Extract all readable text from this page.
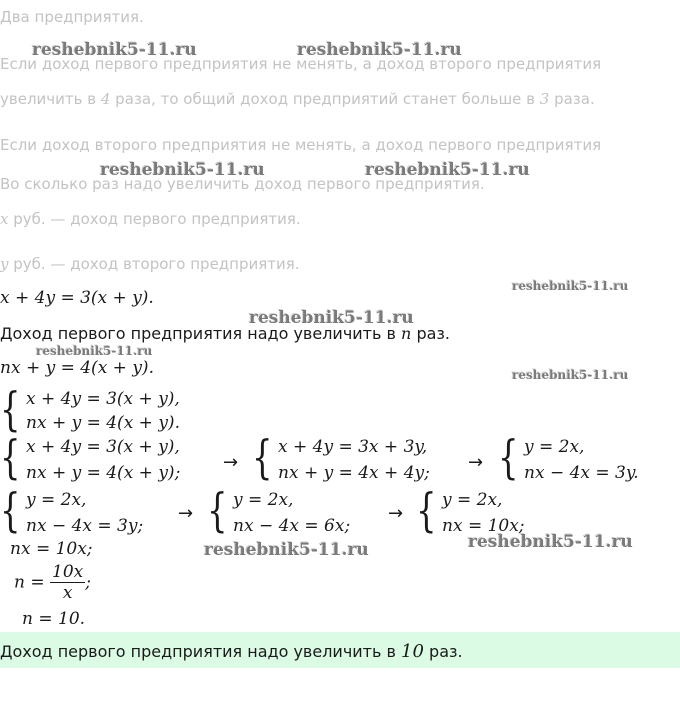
Два предприятия.
Если доход первого предприятия не менять, а доход второго предприятия
увеличить в 4 раза, то общий доход предприятий станет больше в 3 раза.
Если доход второго предприятия не менять, а доход первого предприятия
Во сколько раз надо увеличить доход первого предприятия.
x руб. — доход первого предприятия.
y руб. — доход второго предприятия.
x + 4y = 3(x + y).
Доход первого предприятия надо увеличить в n раз.
nx + y = 4(x + y).
{ x + 4y = 3(x + y),
nx + y = 4(x + y).
{ x + 4y = 3(x + y),
nx + y = 4(x + y); → { x + 4y = 3x + 3y,
nx + y = 4x + 4y; → { y = 2x,
nx − 4x = 3y.
{ y = 2x,
nx − 4x = 3y;
→ { y = 2x,
nx − 4x = 6x;
→ { y = 2x,
nx = 10x;
nx = 10x;
$n = \frac{10x}{x}$ ;
n = 10.
Доход первого предприятия надо увеличить в 10 раз.
reshebnik5-11.ru	reshebnik5-11.ru
reshebnik5-11.ru	reshebnik5-11.ru
reshebnik5-11.ru
reshebnik5-11.ru
reshebnik5-11.ru
reshebnik5-11.ru
reshebnik5-11.ru	reshebnik5-11.ru
